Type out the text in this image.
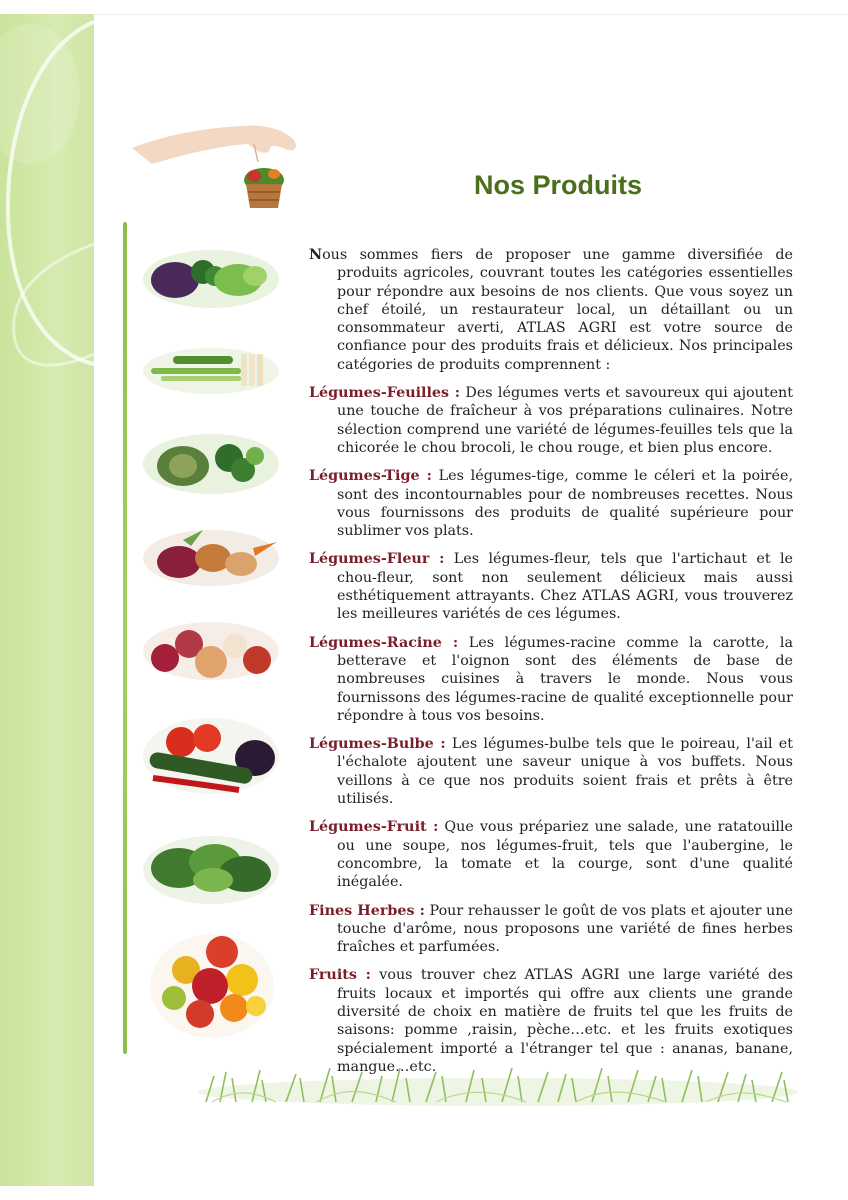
Nos Produits

Nous sommes fiers de proposer une gamme diversifiée de produits agricoles, couvrant toutes les catégories essentielles pour répondre aux besoins de nos clients. Que vous soyez un chef étoilé, un restaurateur local, un détaillant ou un consommateur averti, ATLAS AGRI est votre source de confiance pour des produits frais et délicieux. Nos principales catégories de produits comprennent :

Légumes-Feuilles : Des légumes verts et savoureux qui ajoutent une touche de fraîcheur à vos préparations culinaires. Notre sélection comprend une variété de légumes-feuilles tels que la chicorée le chou brocoli, le chou rouge, et bien plus encore.

Légumes-Tige : Les légumes-tige, comme le céleri et la poirée, sont des incontournables pour de nombreuses recettes. Nous vous fournissons des produits de qualité supérieure pour sublimer vos plats.

Légumes-Fleur : Les légumes-fleur, tels que l'artichaut et le chou-fleur, sont non seulement délicieux mais aussi esthétiquement attrayants. Chez ATLAS AGRI, vous trouverez les meilleures variétés de ces légumes.

Légumes-Racine : Les légumes-racine comme la carotte, la betterave et l'oignon sont des éléments de base de nombreuses cuisines à travers le monde. Nous vous fournissons des légumes-racine de qualité exceptionnelle pour répondre à tous vos besoins.

Légumes-Bulbe : Les légumes-bulbe tels que le poireau, l'ail et l'échalote ajoutent une saveur unique à vos buffets. Nous veillons à ce que nos produits soient frais et prêts à être utilisés.

Légumes-Fruit : Que vous prépariez une salade, une ratatouille ou une soupe, nos légumes-fruit, tels que l'aubergine, le concombre, la tomate et la courge, sont d'une qualité inégalée.

Fines Herbes : Pour rehausser le goût de vos plats et ajouter une touche d'arôme, nous proposons une variété de fines herbes fraîches et parfumées.

Fruits : vous trouver chez ATLAS AGRI une large variété des fruits locaux et importés qui offre aux clients une grande diversité de choix en matière de fruits tel que les fruits de saisons: pomme ,raisin, pèche…etc. et les fruits exotiques spécialement importé a l'étranger tel que : ananas, banane, mangue…etc.
